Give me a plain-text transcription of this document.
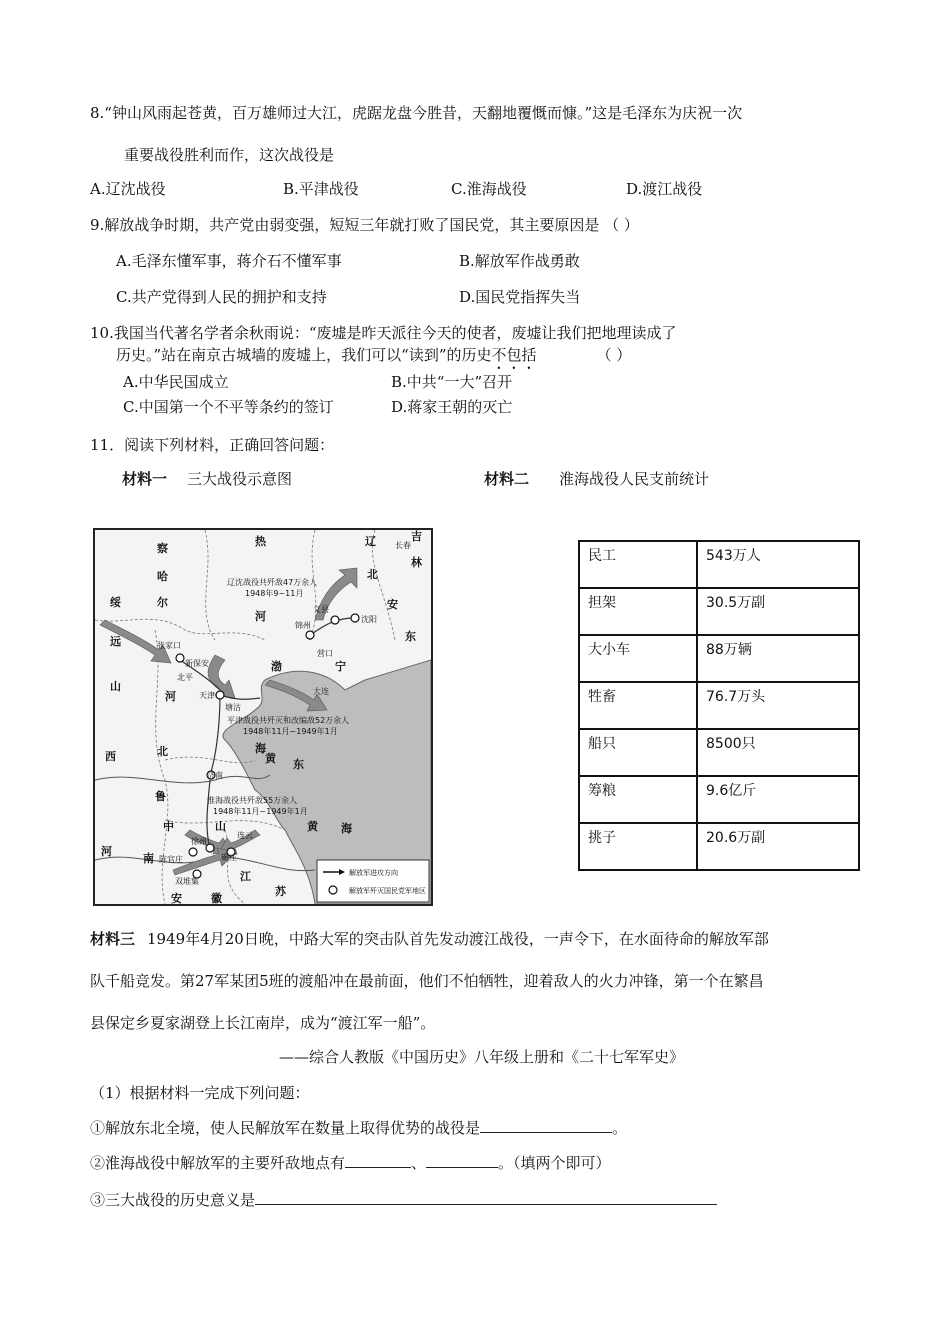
8.“钟山风雨起苍黄，百万雄师过大江，虎踞龙盘今胜昔，天翻地覆慨而慷。”这是毛泽东为庆祝一次
重要战役胜利而作，这次战役是
A.辽沈战役	B.平津战役	C.淮海战役	D.渡江战役
9.解放战争时期，共产党由弱变强，短短三年就打败了国民党，其主要原因是 （ ）
A.毛泽东懂军事，蒋介石不懂军事	B.解放军作战勇敢
C.共产党得到人民的拥护和支持	D.国民党指挥失当
10.我国当代著名学者余秋雨说：“废墟是昨天派往今天的使者，废墟让我们把地理读成了
历史。”站在南京古城墙的废墟上，我们可以“读到”的历史不包括	（ ）
A.中华民国成立	B.中共“一大”召开
C.中国第一个不平等条约的签订	D.蒋家王朝的灭亡
11．阅读下列材料，正确回答问题：
材料一 三大战役示意图	材料二 淮海战役人民支前统计
辽沈战役共歼敌47万余人
1948年9~11月
平津战役共歼灭和改编敌52万余人
1948年11月~1949年1月
淮海战役共歼敌55万余人
1948年11月~1949年1月
张家口
新保安
北平
天津
塘沽
锦州
义县
沈阳
长春
营口
大连
济南
徐州
碾庄
连云
陈官庄
双堆集
察
哈
尔
绥
远
热
河
辽
北
吉
林
安
东
宁
渤
海
山
西
河
北
黄
山
东
河
南
江
苏
安	徽
黄 海
鲁
中
解放军进攻方向
解放军歼灭国民党军地区
民工	543万人
担架	30.5万副
大小车	88万辆
牲畜	76.7万头
船只	8500只
筹粮	9.6亿斤
挑子	20.6万副
材料三 1949年4月20日晚，中路大军的突击队首先发动渡江战役，一声令下，在水面待命的解放军部
队千船竞发。第27军某团5班的渡船冲在最前面，他们不怕牺牲，迎着敌人的火力冲锋，第一个在繁昌
县保定乡夏家湖登上长江南岸，成为“渡江军一船”。
——综合人教版《中国历史》八年级上册和《二十七军军史》
（1）根据材料一完成下列问题：
①解放东北全境，使人民解放军在数量上取得优势的战役是	。
②淮海战役中解放军的主要歼敌地点有	、	。（填两个即可）
③三大战役的历史意义是
